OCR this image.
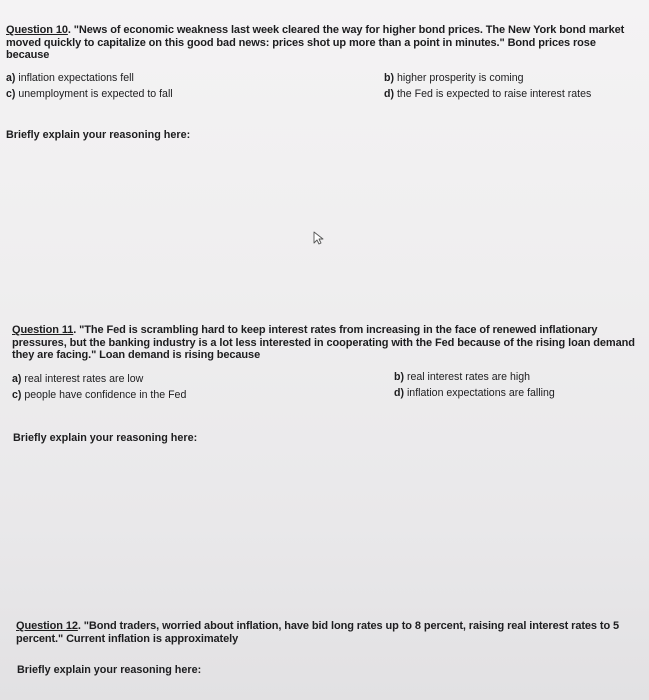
Question 10. "News of economic weakness last week cleared the way for higher bond prices. The New York bond market moved quickly to capitalize on this good bad news: prices shot up more than a point in minutes." Bond prices rose because
a) inflation expectations fell	b) higher prosperity is coming
c) unemployment is expected to fall	d) the Fed is expected to raise interest rates
Briefly explain your reasoning here:
Question 11. "The Fed is scrambling hard to keep interest rates from increasing in the face of renewed inflationary pressures, but the banking industry is a lot less interested in cooperating with the Fed because of the rising loan demand they are facing." Loan demand is rising because
a) real interest rates are low	b) real interest rates are high
c) people have confidence in the Fed	d) inflation expectations are falling
Briefly explain your reasoning here:
Question 12. "Bond traders, worried about inflation, have bid long rates up to 8 percent, raising real interest rates to 5 percent." Current inflation is approximately
Briefly explain your reasoning here:
